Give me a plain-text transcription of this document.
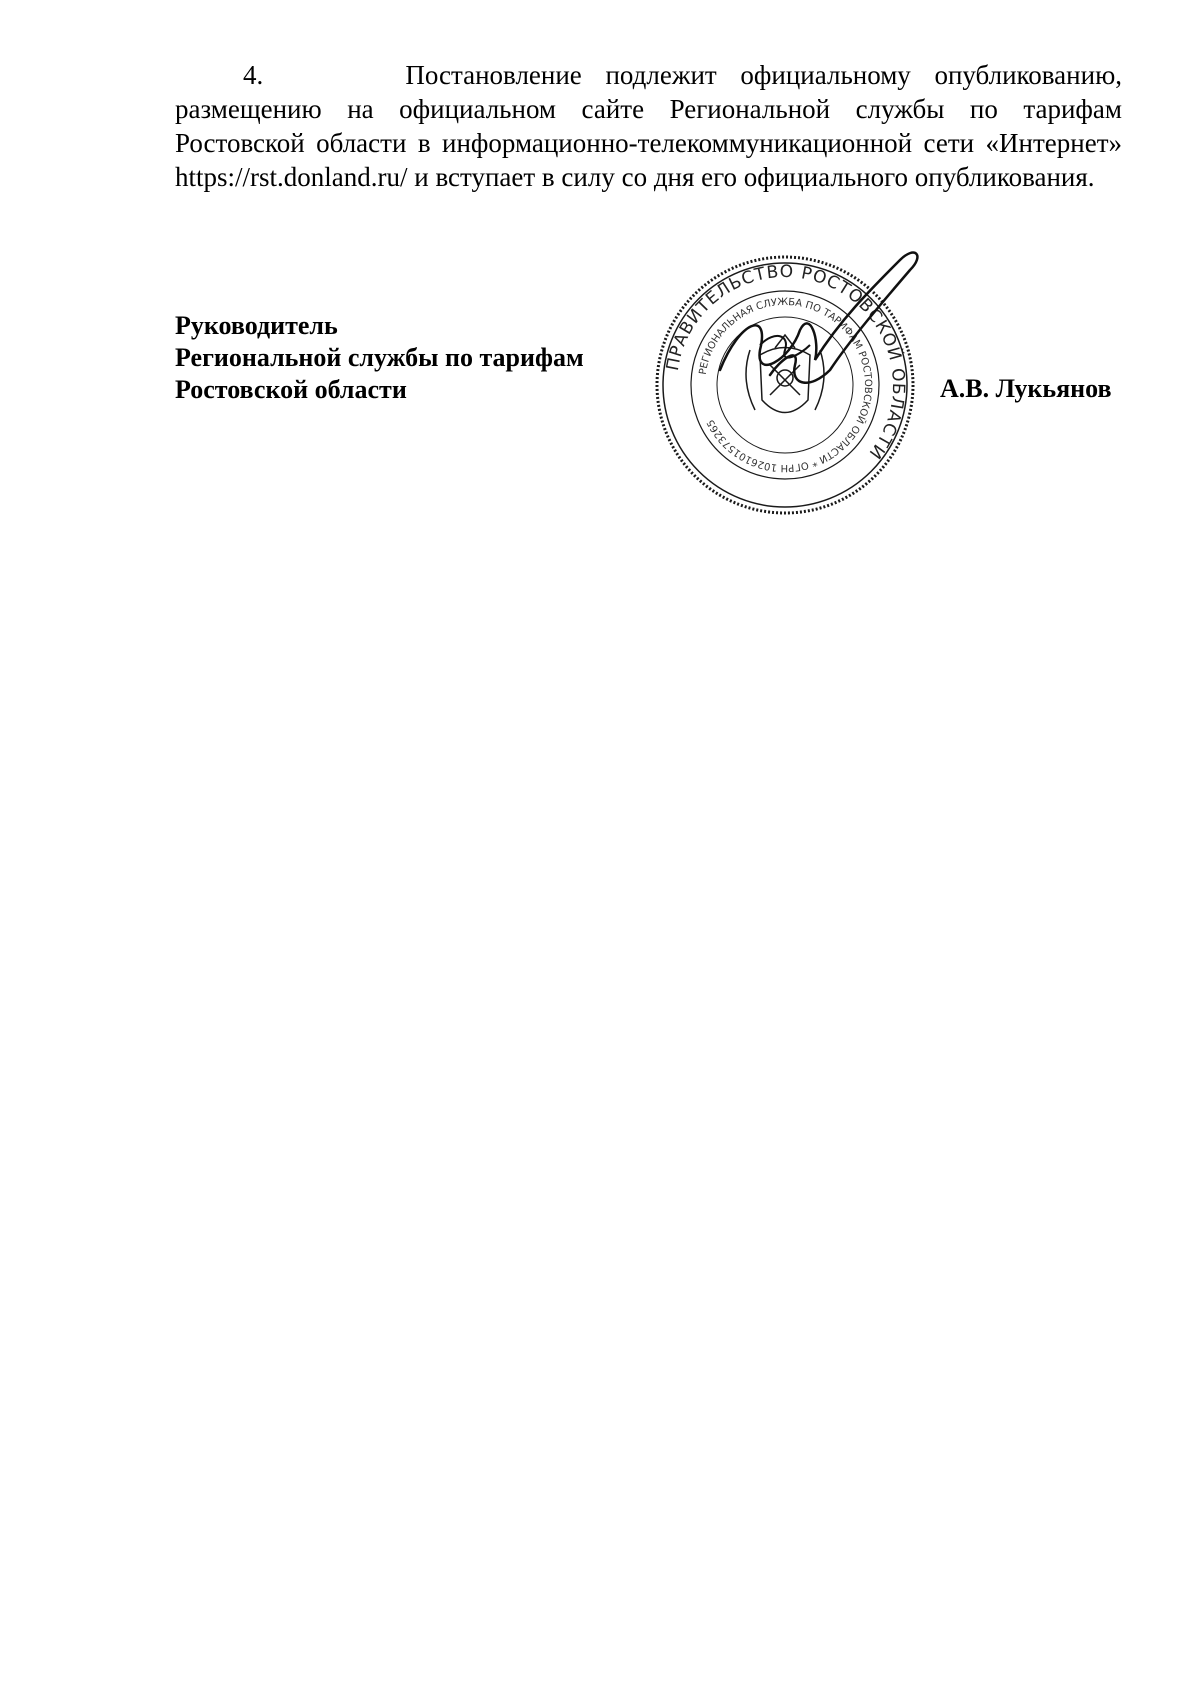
4.      Постановление подлежит официальному опубликованию, размещению на официальном сайте Региональной службы по тарифам Ростовской области в информационно-телекоммуникационной сети «Интернет» https://rst.donland.ru/ и вступает в силу со дня его официального опубликования.

Руководитель
Региональной службы по тарифам
Ростовской области
ПРАВИТЕЛЬСТВО РОСТОВСКОЙ ОБЛАСТИ
РЕГИОНАЛЬНАЯ СЛУЖБА ПО ТАРИФАМ РОСТОВСКОЙ ОБЛАСТИ * ОГРН 1026101573265
А.В. Лукьянов
